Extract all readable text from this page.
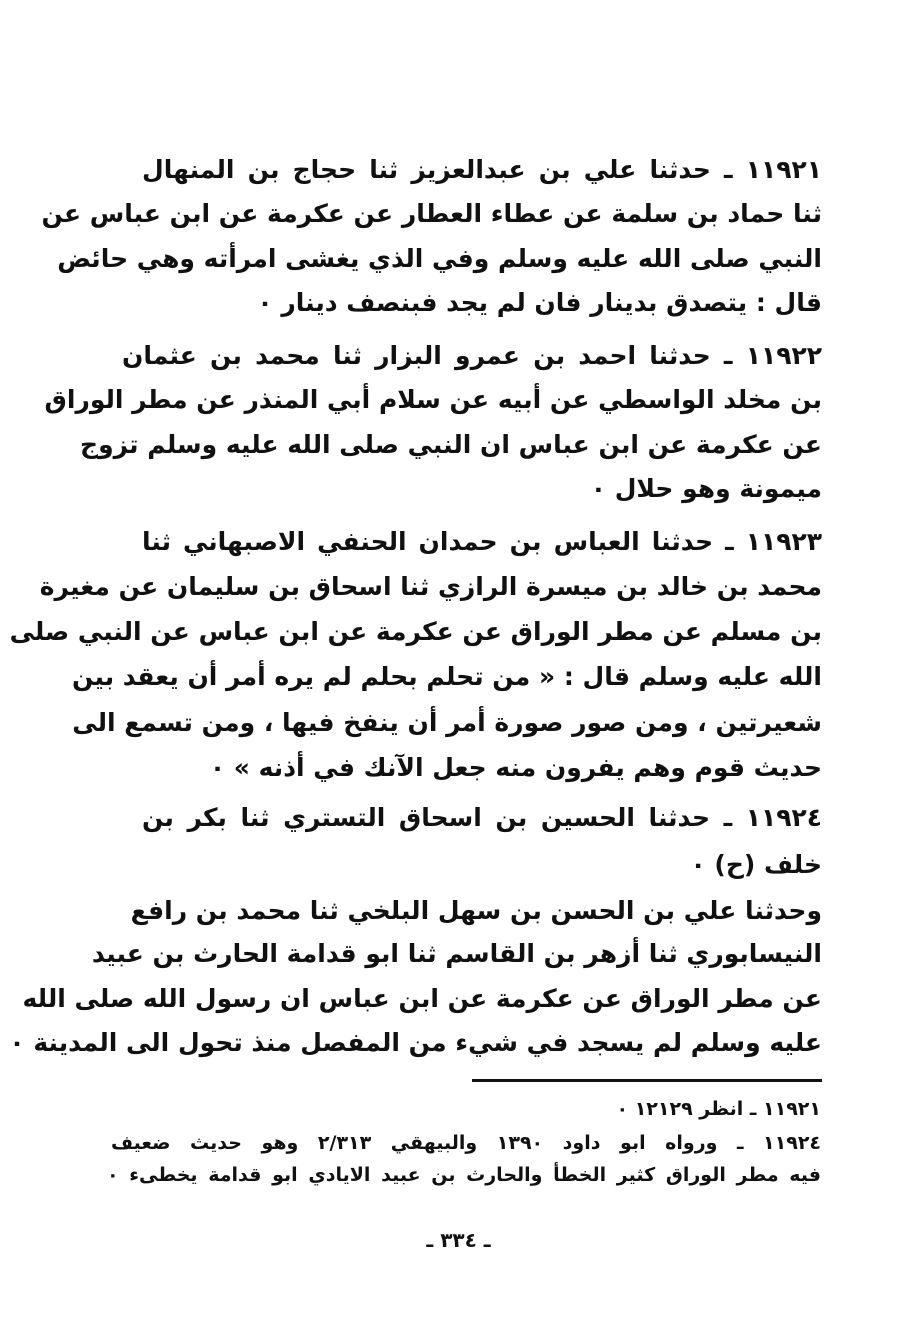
١١٩٢١ ـ حدثنا علي بن عبدالعزيز ثنا حجاج بن المنهال
ثنا حماد بن سلمة عن عطاء العطار عن عكرمة عن ابن عباس عن
النبي صلى الله عليه وسلم وفي الذي يغشى امرأته وهي حائض
قال : يتصدق بدينار فان لم يجد فبنصف دينار ٠
١١٩٢٢ ـ حدثنا احمد بن عمرو البزار ثنا محمد بن عثمان
بن مخلد الواسطي عن أبيه عن سلام أبي المنذر عن مطر الوراق
عن عكرمة عن ابن عباس ان النبي صلى الله عليه وسلم تزوج
ميمونة وهو حلال ٠
١١٩٢٣ ـ حدثنا العباس بن حمدان الحنفي الاصبهاني ثنا
محمد بن خالد بن ميسرة الرازي ثنا اسحاق بن سليمان عن مغيرة
بن مسلم عن مطر الوراق عن عكرمة عن ابن عباس عن النبي صلى
الله عليه وسلم قال : « من تحلم بحلم لم يره أمر أن يعقد بين
شعيرتين ، ومن صور صورة أمر أن ينفخ فيها ، ومن تسمع الى
حديث قوم وهم يفرون منه جعل الآنك في أذنه » ٠
١١٩٢٤ ـ حدثنا الحسين بن اسحاق التستري ثنا بكر بن
خلف (ح) ٠
وحدثنا علي بن الحسن بن سهل البلخي ثنا محمد بن رافع
النيسابوري ثنا أزهر بن القاسم ثنا ابو قدامة الحارث بن عبيد
عن مطر الوراق عن عكرمة عن ابن عباس ان رسول الله صلى الله
عليه وسلم لم يسجد في شيء من المفصل منذ تحول الى المدينة ٠
١١٩٢١ ـ انظر ١٢١٢٩ ٠
١١٩٢٤ ـ ورواه ابو داود ١٣٩٠ والبيهقي ٢/٣١٣ وهو حديث ضعيف
فيه مطر الوراق كثير الخطأ والحارث بن عبيد الايادي ابو قدامة يخطىء ٠
ـ ٣٣٤ ـ
